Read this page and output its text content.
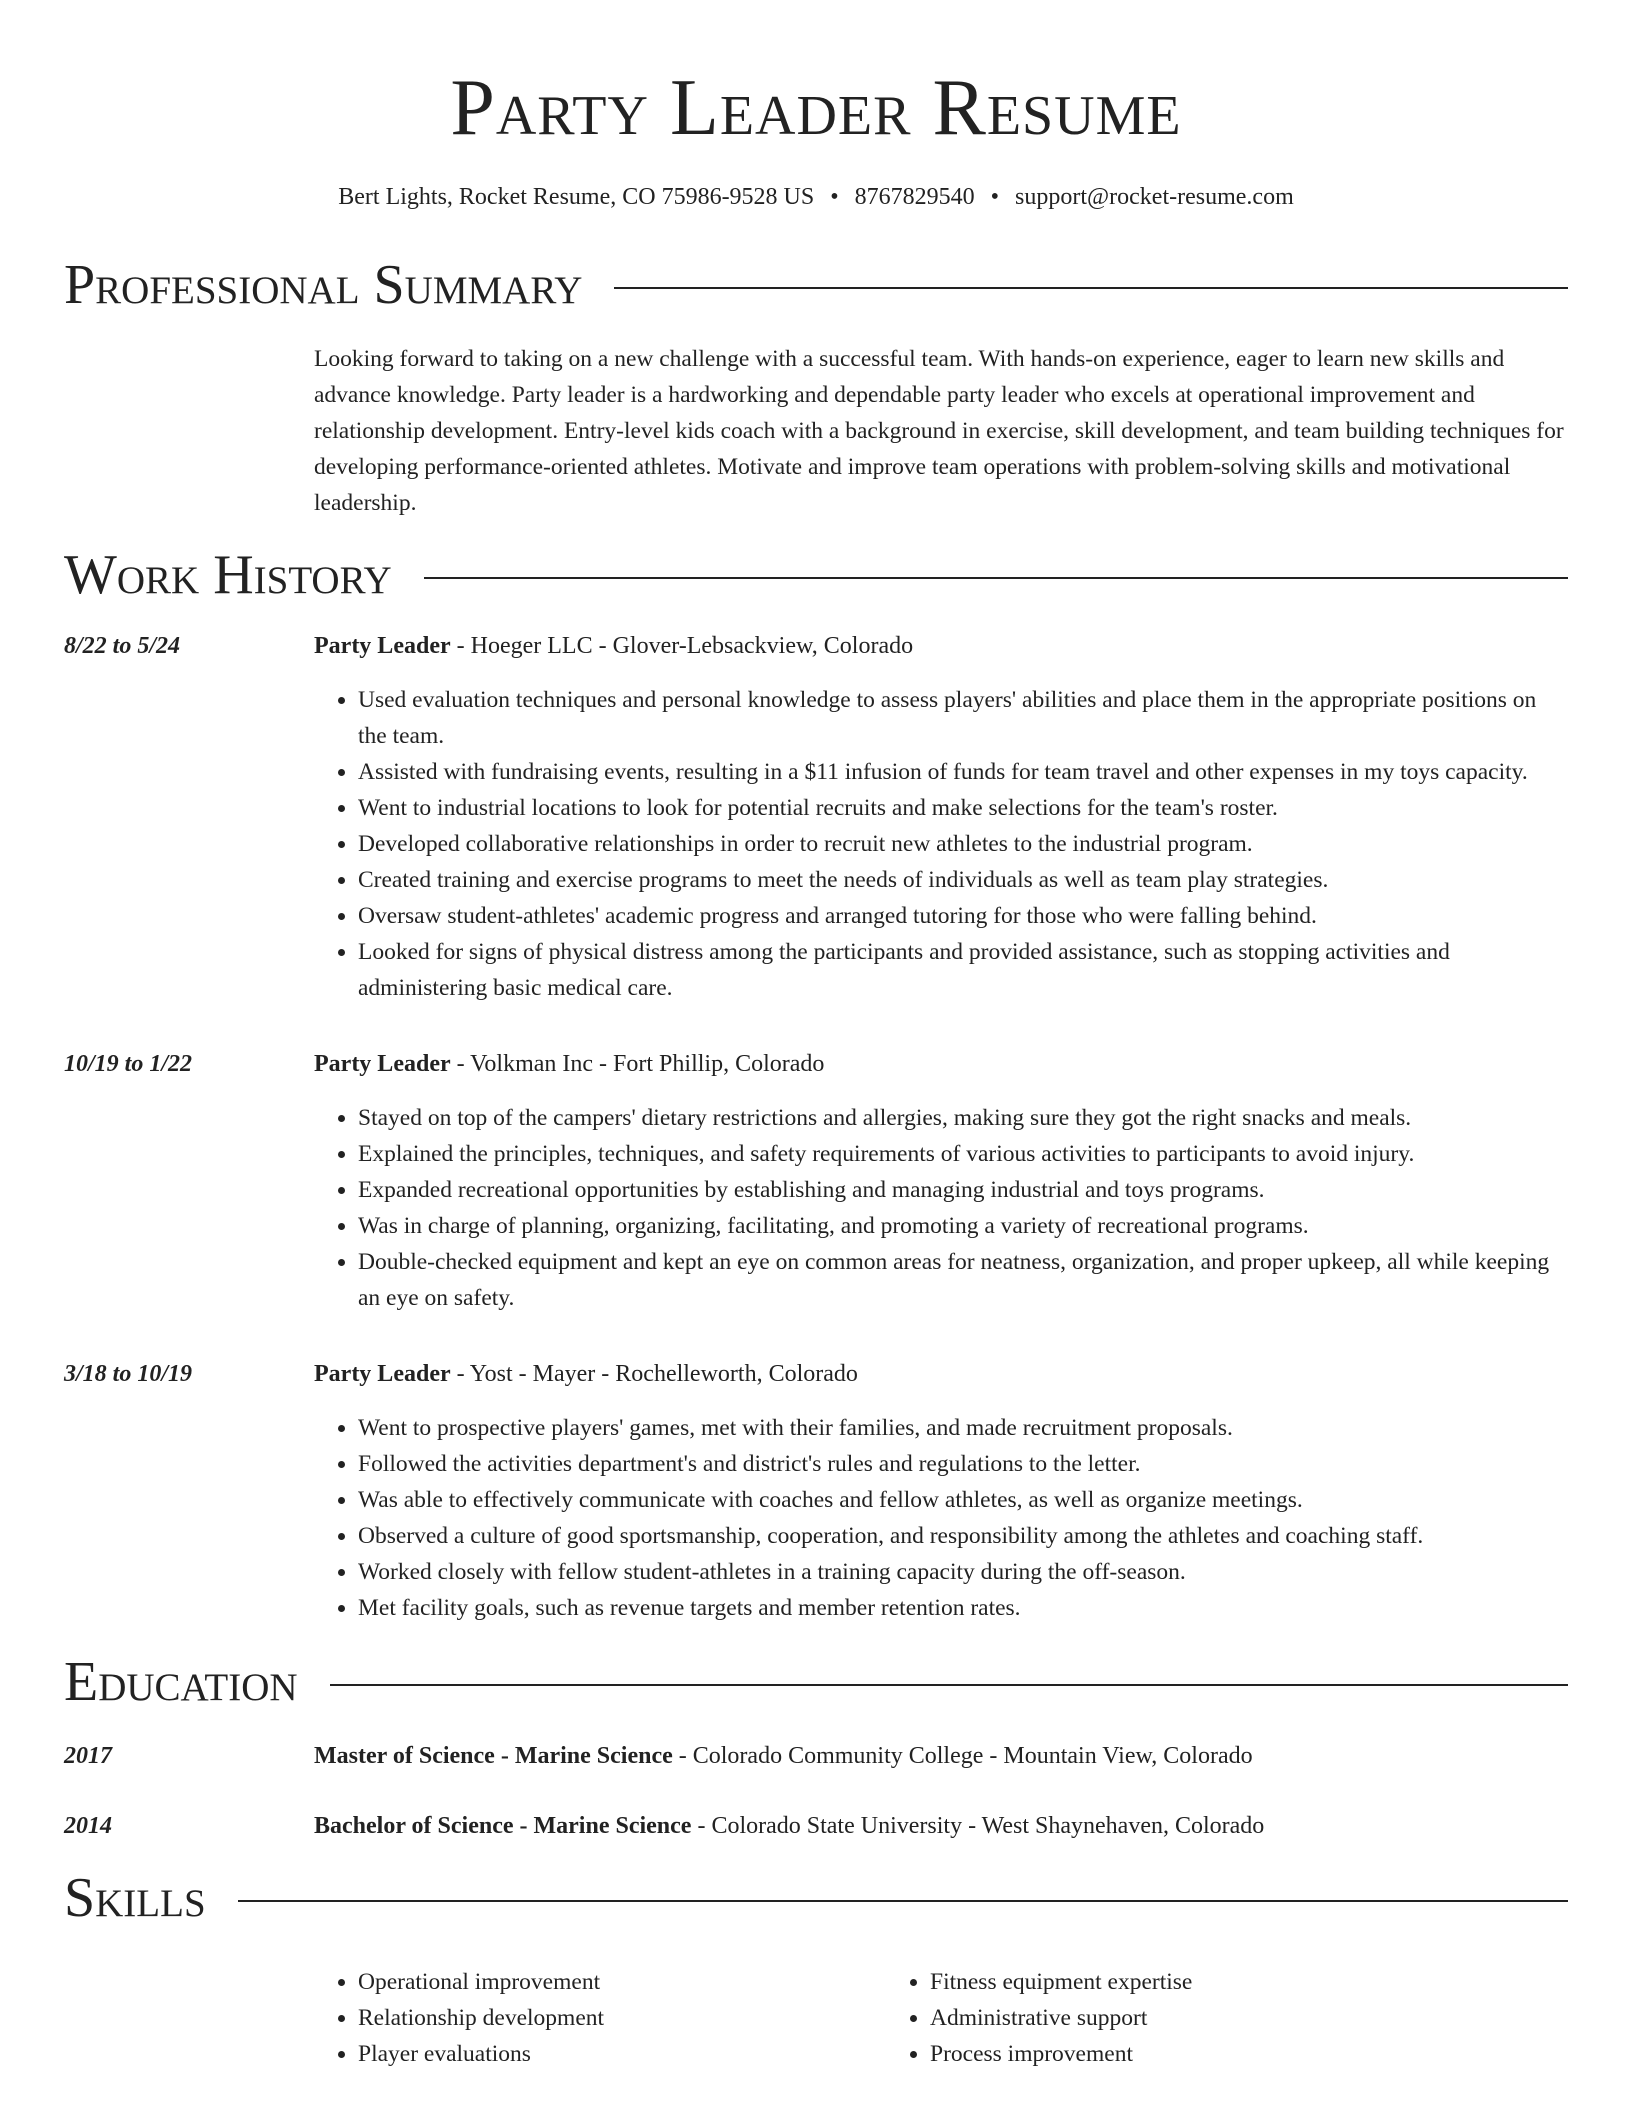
Party Leader Resume
Bert Lights, Rocket Resume, CO 75986-9528 US • 8767829540 • support@rocket-resume.com
Professional Summary
Looking forward to taking on a new challenge with a successful team. With hands-on experience, eager to learn new skills and advance knowledge. Party leader is a hardworking and dependable party leader who excels at operational improvement and relationship development. Entry-level kids coach with a background in exercise, skill development, and team building techniques for developing performance-oriented athletes. Motivate and improve team operations with problem-solving skills and motivational leadership.
Work History
8/22 to 5/24	Party Leader - Hoeger LLC - Glover-Lebsackview, Colorado
• Used evaluation techniques and personal knowledge to assess players' abilities and place them in the appropriate positions on the team.
• Assisted with fundraising events, resulting in a $11 infusion of funds for team travel and other expenses in my toys capacity.
• Went to industrial locations to look for potential recruits and make selections for the team's roster.
• Developed collaborative relationships in order to recruit new athletes to the industrial program.
• Created training and exercise programs to meet the needs of individuals as well as team play strategies.
• Oversaw student-athletes' academic progress and arranged tutoring for those who were falling behind.
• Looked for signs of physical distress among the participants and provided assistance, such as stopping activities and administering basic medical care.
10/19 to 1/22	Party Leader - Volkman Inc - Fort Phillip, Colorado
• Stayed on top of the campers' dietary restrictions and allergies, making sure they got the right snacks and meals.
• Explained the principles, techniques, and safety requirements of various activities to participants to avoid injury.
• Expanded recreational opportunities by establishing and managing industrial and toys programs.
• Was in charge of planning, organizing, facilitating, and promoting a variety of recreational programs.
• Double-checked equipment and kept an eye on common areas for neatness, organization, and proper upkeep, all while keeping an eye on safety.
3/18 to 10/19	Party Leader - Yost - Mayer - Rochelleworth, Colorado
• Went to prospective players' games, met with their families, and made recruitment proposals.
• Followed the activities department's and district's rules and regulations to the letter.
• Was able to effectively communicate with coaches and fellow athletes, as well as organize meetings.
• Observed a culture of good sportsmanship, cooperation, and responsibility among the athletes and coaching staff.
• Worked closely with fellow student-athletes in a training capacity during the off-season.
• Met facility goals, such as revenue targets and member retention rates.
Education
2017	Master of Science - Marine Science - Colorado Community College - Mountain View, Colorado
2014	Bachelor of Science - Marine Science - Colorado State University - West Shaynehaven, Colorado
Skills
• Operational improvement
• Relationship development
• Player evaluations
• Fitness equipment expertise
• Administrative support
• Process improvement
